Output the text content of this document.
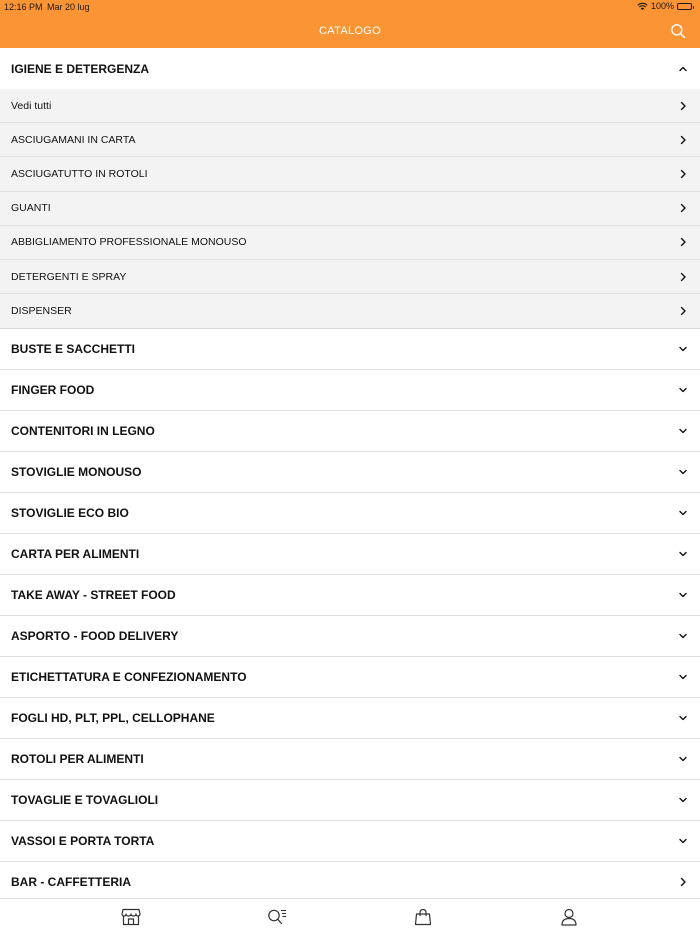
12:16 PM Mar 20 lug	100%
CATALOGO
IGIENE E DETERGENZA
Vedi tutti
ASCIUGAMANI IN CARTA
ASCIUGATUTTO IN ROTOLI
GUANTI
ABBIGLIAMENTO PROFESSIONALE MONOUSO
DETERGENTI E SPRAY
DISPENSER
BUSTE E SACCHETTI
FINGER FOOD
CONTENITORI IN LEGNO
STOVIGLIE MONOUSO
STOVIGLIE ECO BIO
CARTA PER ALIMENTI
TAKE AWAY - STREET FOOD
ASPORTO - FOOD DELIVERY
ETICHETTATURA E CONFEZIONAMENTO
FOGLI HD, PLT, PPL, CELLOPHANE
ROTOLI PER ALIMENTI
TOVAGLIE E TOVAGLIOLI
VASSOI E PORTA TORTA
BAR - CAFFETTERIA
